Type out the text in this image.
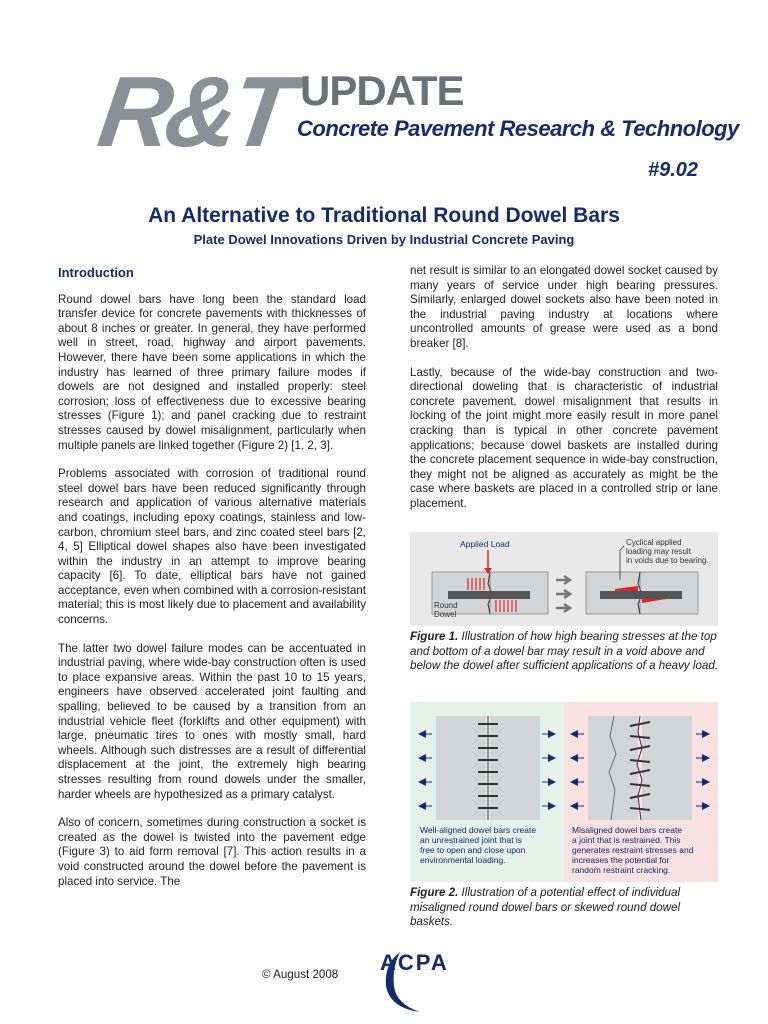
R&T UPDATE
Concrete Pavement Research & Technology
#9.02
An Alternative to Traditional Round Dowel Bars
Plate Dowel Innovations Driven by Industrial Concrete Paving
Introduction

Round dowel bars have long been the standard load transfer device for concrete pavements with thicknesses of about 8 inches or greater. In general, they have performed well in street, road, highway and airport pavements. However, there have been some applications in which the industry has learned of three primary failure modes if dowels are not designed and installed properly: steel corrosion; loss of effectiveness due to excessive bearing stresses (Figure 1); and panel cracking due to restraint stresses caused by dowel misalignment, particularly when multiple panels are linked together (Figure 2) [1, 2, 3].

Problems associated with corrosion of traditional round steel dowel bars have been reduced significantly through research and application of various alternative materials and coatings, including epoxy coatings, stainless and low-carbon, chromium steel bars, and zinc coated steel bars [2, 4, 5] Elliptical dowel shapes also have been investigated within the industry in an attempt to improve bearing capacity [6]. To date, elliptical bars have not gained acceptance, even when combined with a corrosion-resistant material; this is most likely due to placement and availability concerns.

The latter two dowel failure modes can be accentuated in industrial paving, where wide-bay construction often is used to place expansive areas. Within the past 10 to 15 years, engineers have observed accelerated joint faulting and spalling, believed to be caused by a transition from an industrial vehicle fleet (forklifts and other equipment) with large, pneumatic tires to ones with mostly small, hard wheels. Although such distresses are a result of differential displacement at the joint, the extremely high bearing stresses resulting from round dowels under the smaller, harder wheels are hypothesized as a primary catalyst.

Also of concern, sometimes during construction a socket is created as the dowel is twisted into the pavement edge (Figure 3) to aid form removal [7]. This action results in a void constructed around the dowel before the pavement is placed into service. The

net result is similar to an elongated dowel socket caused by many years of service under high bearing pressures. Similarly, enlarged dowel sockets also have been noted in the industrial paving industry at locations where uncontrolled amounts of grease were used as a bond breaker [8].

Lastly, because of the wide-bay construction and two-directional doweling that is characteristic of industrial concrete pavement, dowel misalignment that results in locking of the joint might more easily result in more panel cracking than is typical in other concrete pavement applications; because dowel baskets are installed during the concrete placement sequence in wide-bay construction, they might not be aligned as accurately as might be the case where baskets are placed in a controlled strip or lane placement.

Applied Load
Round
Dowel
Cyclical applied
loading may result
in voids due to bearing.
Figure 1. Illustration of how high bearing stresses at the top and bottom of a dowel bar may result in a void above and below the dowel after sufficient applications of a heavy load.
Well-aligned dowel bars create
an unrestrained joint that is
free to open and close upon
environmental loading.
Misaligned dowel bars create
a joint that is restrained. This
generates restraint stresses and
increases the potential for
random restraint cracking.
Figure 2. Illustration of a potential effect of individual misaligned round dowel bars or skewed round dowel baskets.
© August 2008 ACPA
